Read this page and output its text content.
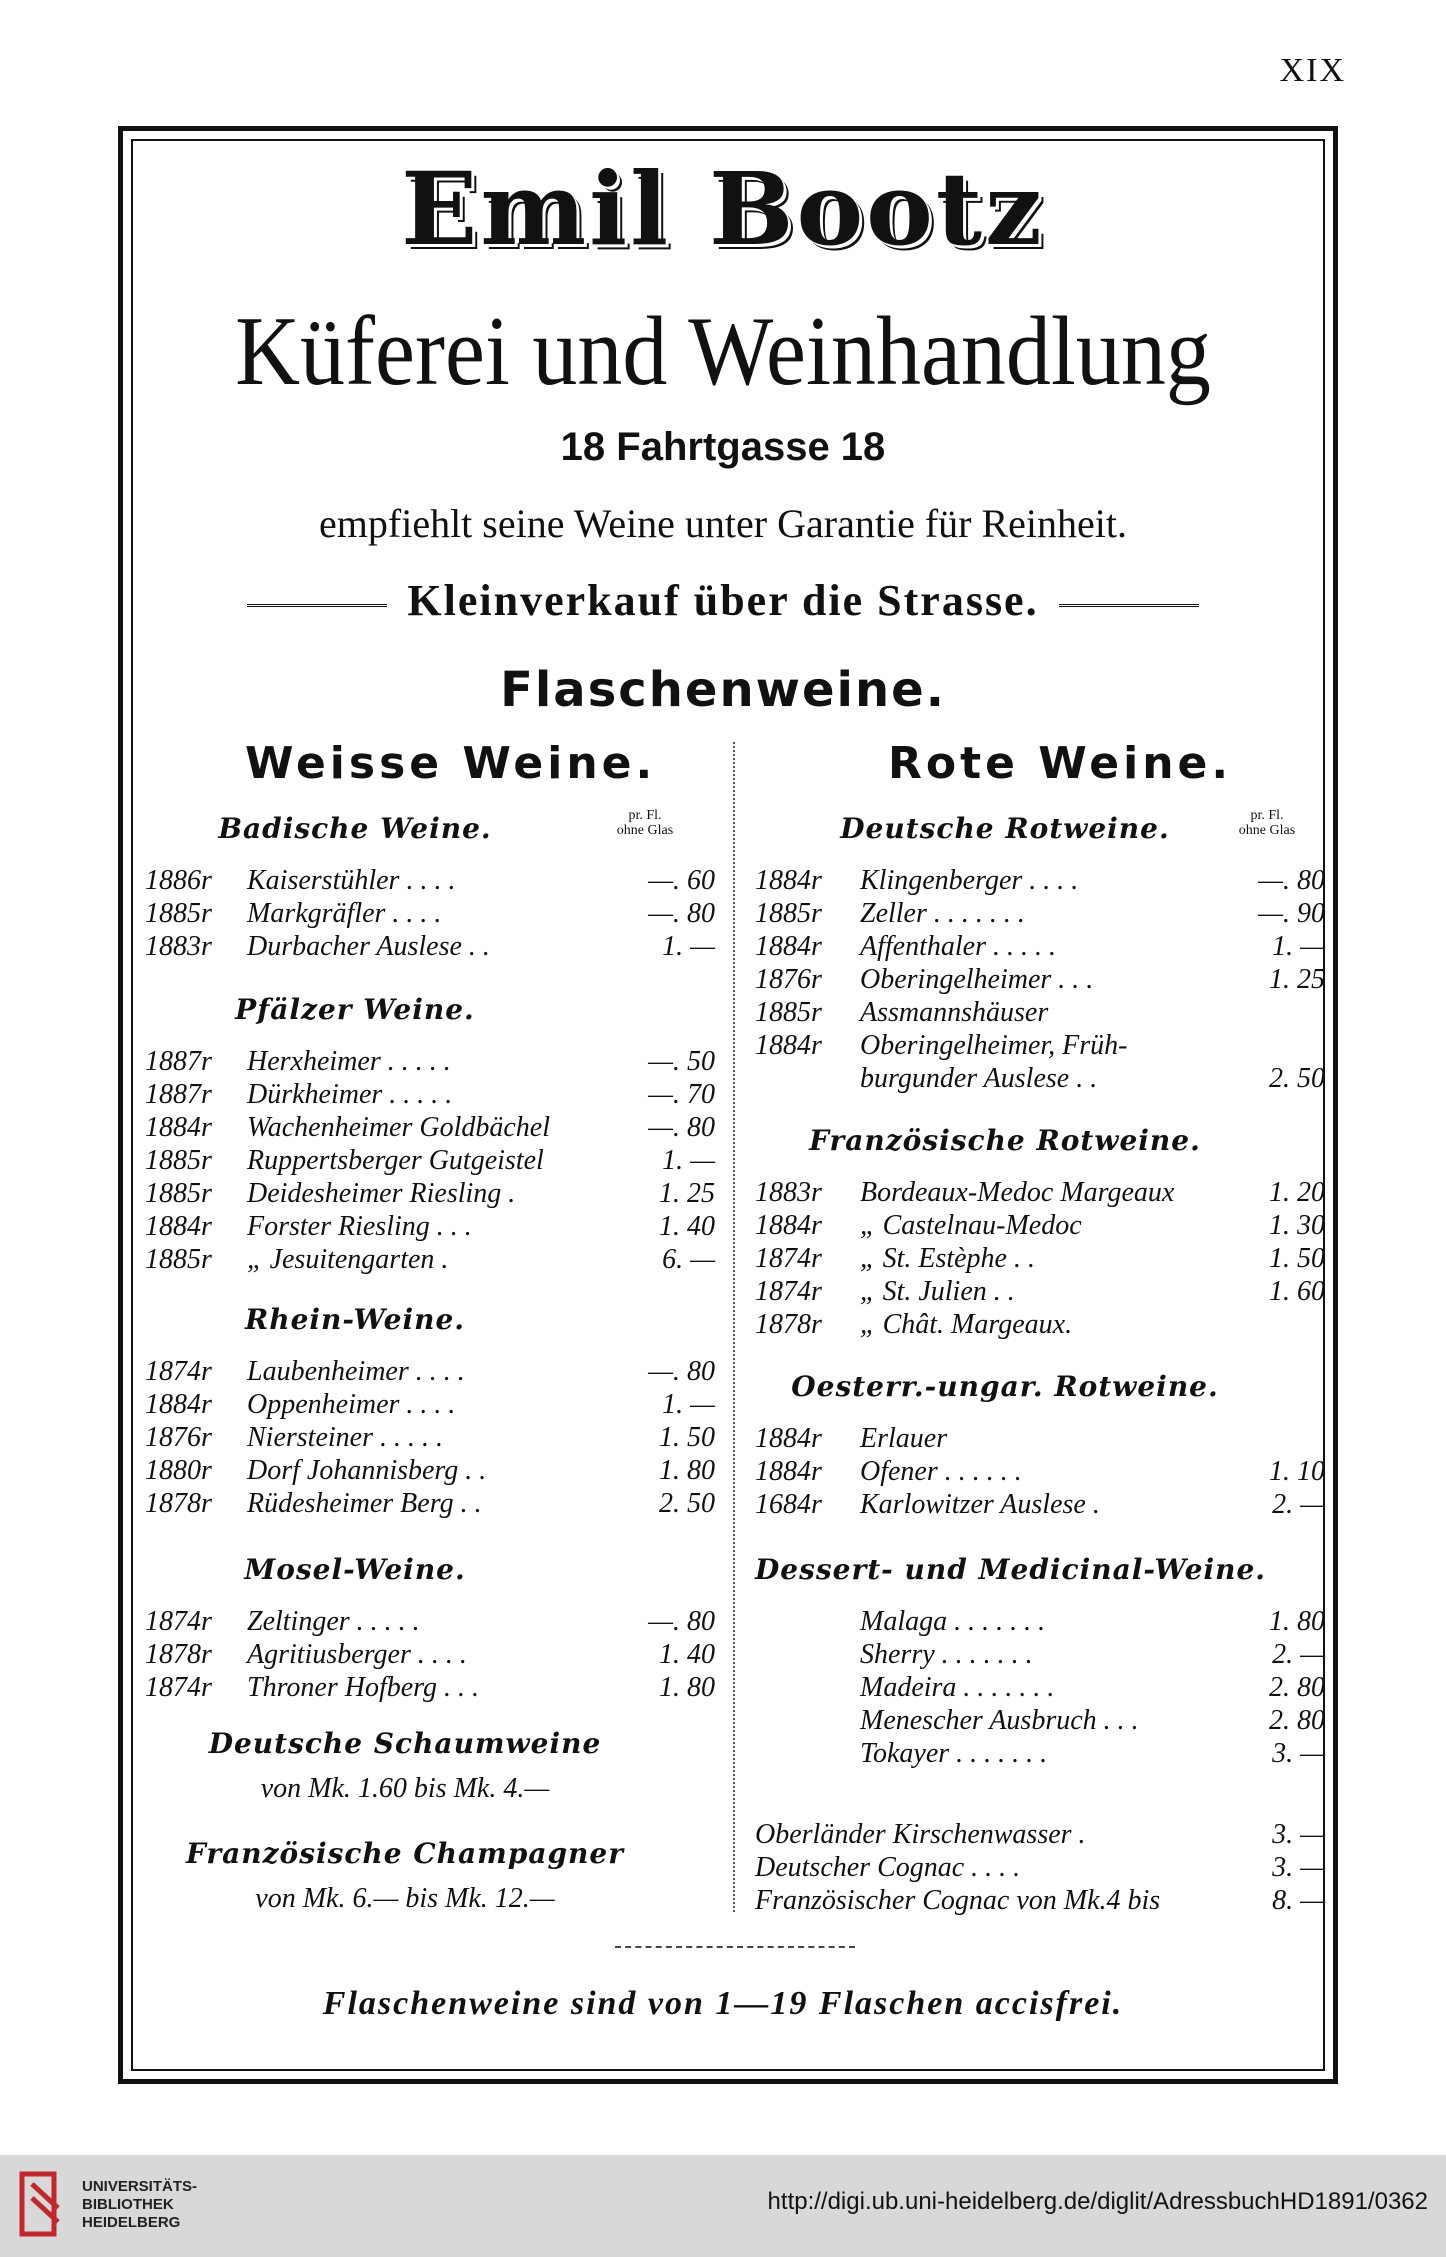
XIX
Emil Bootz
Küferei und Weinhandlung
18 Fahrtgasse 18
empfiehlt seine Weine unter Garantie für Reinheit.
Kleinverkauf über die Strasse.
Flaschenweine.
Weisse Weine.	Rote Weine.
pr. Fl.
ohne Glas
Badische Weine.
1886r Kaiserstühler . . . .	—. 60
1885r Markgräfler . . . .	—. 80
1883r Durbacher Auslese . .	1. —
Pfälzer Weine.
1887r Herxheimer . . . . .	—. 50
1887r Dürkheimer . . . . .	—. 70
1884r Wachenheimer Goldbächel	—. 80
1885r Ruppertsberger Gutgeistel	1. —
1885r Deidesheimer Riesling .	1. 25
1884r Forster Riesling . . .	1. 40
1885r „ Jesuitengarten .	6. —
Rhein-Weine.
1874r Laubenheimer . . . .	—. 80
1884r Oppenheimer . . . .	1. —
1876r Niersteiner . . . . .	1. 50
1880r Dorf Johannisberg . .	1. 80
1878r Rüdesheimer Berg . .	2. 50
Mosel-Weine.
1874r Zeltinger . . . . .	—. 80
1878r Agritiusberger . . . .	1. 40
1874r Throner Hofberg . . .	1. 80
Deutsche Schaumweine
von Mk. 1.60 bis Mk. 4.—
Französische Champagner
von Mk. 6.— bis Mk. 12.—
pr. Fl.
ohne Glas
Deutsche Rotweine.
1884r Klingenberger . . . .	—. 80
1885r Zeller . . . . . . .	—. 90
1884r Affenthaler . . . . .	1. —
1876r Oberingelheimer . . .	1. 25
1885r Assmannshäuser
1884r Oberingelheimer, Früh-
burgunder Auslese . .	2. 50
Französische Rotweine.
1883r Bordeaux-Medoc Margeaux	1. 20
1884r „ Castelnau-Medoc	1. 30
1874r „ St. Estèphe . .	1. 50
1874r „ St. Julien . .	1. 60
1878r „ Chât. Margeaux.
Oesterr.-ungar. Rotweine.
1884r Erlauer
1884r Ofener . . . . . .	1. 10
1684r Karlowitzer Auslese .	2. —
Dessert- und Medicinal-Weine.
Malaga . . . . . . .	1. 80
Sherry . . . . . . .	2. —
Madeira . . . . . . .	2. 80
Menescher Ausbruch . . .	2. 80
Tokayer . . . . . . .	3. —
Oberländer Kirschenwasser .	3. —
Deutscher Cognac . . . .	3. —
Französischer Cognac von Mk.4 bis	8. —
Flaschenweine sind von 1—19 Flaschen accisfrei.
UNIVERSITÄTS-
BIBLIOTHEK
HEIDELBERG
http://digi.ub.uni-heidelberg.de/diglit/AdressbuchHD1891/0362
